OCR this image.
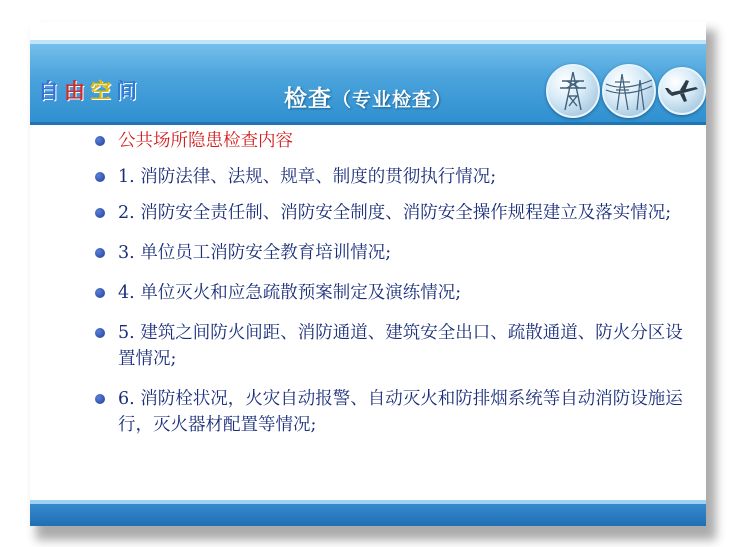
自 由 空 间	检查（专业检查）
公共场所隐患检查内容
1. 消防法律、法规、规章、制度的贯彻执行情况;
2. 消防安全责任制、消防安全制度、消防安全操作规程建立及落实情况;
3. 单位员工消防安全教育培训情况;
4. 单位灭火和应急疏散预案制定及演练情况;
5. 建筑之间防火间距、消防通道、建筑安全出口、疏散通道、防火分区设置情况;
6. 消防栓状况，火灾自动报警、自动灭火和防排烟系统等自动消防设施运行，灭火器材配置等情况;
